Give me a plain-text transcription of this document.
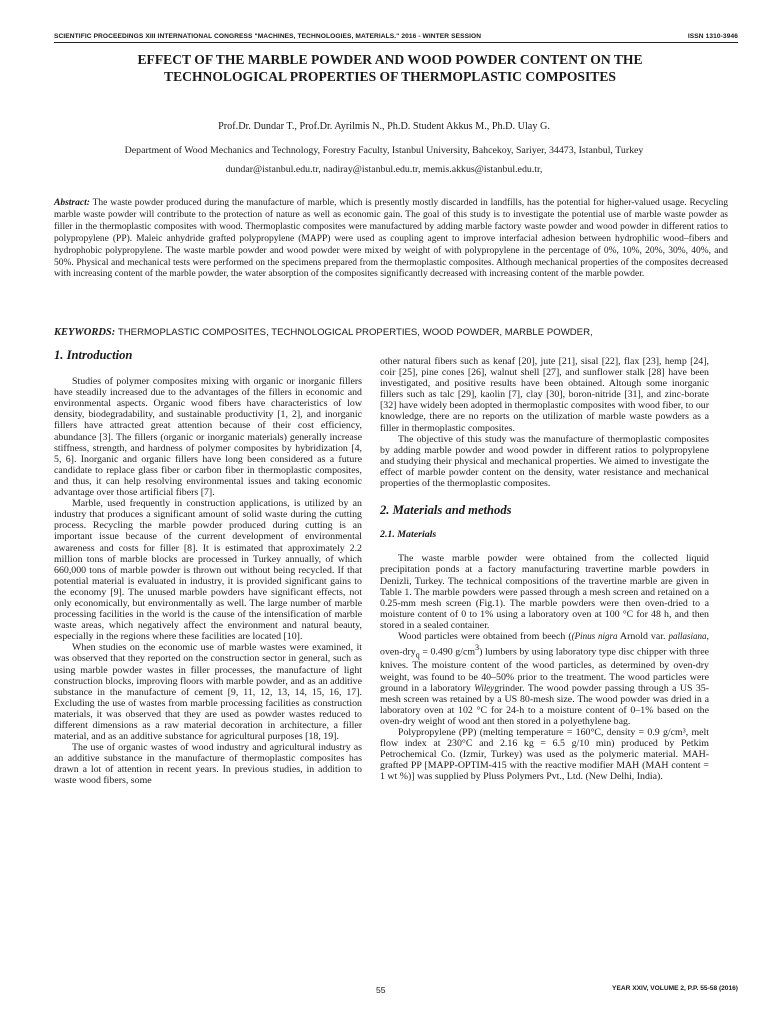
SCIENTIFIC PROCEEDINGS XIII INTERNATIONAL CONGRESS "MACHINES, TECHNOLOGIES, MATERIALS." 2016 - WINTER SESSION	ISSN 1310-3946
EFFECT OF THE MARBLE POWDER AND WOOD POWDER CONTENT ON THE
TECHNOLOGICAL PROPERTIES OF THERMOPLASTIC COMPOSITES
Prof.Dr. Dundar T., Prof.Dr. Ayrilmis N., Ph.D. Student Akkus M., Ph.D. Ulay G.
Department of Wood Mechanics and Technology, Forestry Faculty, Istanbul University, Bahcekoy, Sariyer, 34473, Istanbul, Turkey
dundar@istanbul.edu.tr, nadiray@istanbul.edu.tr, memis.akkus@istanbul.edu.tr,
Abstract: The waste powder produced during the manufacture of marble, which is presently mostly discarded in landfills, has the potential for higher-valued usage. Recycling marble waste powder will contribute to the protection of nature as well as economic gain. The goal of this study is to investigate the potential use of marble waste powder as filler in the thermoplastic composites with wood. Thermoplastic composites were manufactured by adding marble factory waste powder and wood powder in different ratios to polypropylene (PP). Maleic anhydride grafted polypropylene (MAPP) were used as coupling agent to improve interfacial adhesion between hydrophilic wood–fibers and hydrophobic polypropylene. The waste marble powder and wood powder were mixed by weight of with polypropylene in the percentage of 0%, 10%, 20%, 30%, 40%, and 50%. Physical and mechanical tests were performed on the specimens prepared from the thermoplastic composites. Although mechanical properties of the composites decreased with increasing content of the marble powder, the water absorption of the composites significantly decreased with increasing content of the marble powder.
KEYWORDS: THERMOPLASTIC COMPOSITES, TECHNOLOGICAL PROPERTIES, WOOD POWDER, MARBLE POWDER,
1. Introduction

Studies of polymer composites mixing with organic or inorganic fillers have steadily increased due to the advantages of the fillers in economic and environmental aspects. Organic wood fibers have characteristics of low density, biodegradability, and sustainable productivity [1, 2], and inorganic fillers have attracted great attention because of their cost efficiency, abundance [3]. The fillers (organic or inorganic materials) generally increase stiffness, strength, and hardness of polymer composites by hybridization [4, 5, 6]. Inorganic and organic fillers have long been considered as a future candidate to replace glass fiber or carbon fiber in thermoplastic composites, and thus, it can help resolving environmental issues and taking economic advantage over those artificial fibers [7].

Marble, used frequently in construction applications, is utilized by an industry that produces a significant amount of solid waste during the cutting process. Recycling the marble powder produced during cutting is an important issue because of the current development of environmental awareness and costs for filler [8]. It is estimated that approximately 2.2 million tons of marble blocks are processed in Turkey annually, of which 660,000 tons of marble powder is thrown out without being recycled. If that potential material is evaluated in industry, it is provided significant gains to the economy [9]. The unused marble powders have significant effects, not only economically, but environmentally as well. The large number of marble processing facilities in the world is the cause of the intensification of marble waste areas, which negatively affect the environment and natural beauty, especially in the regions where these facilities are located [10].

When studies on the economic use of marble wastes were examined, it was observed that they reported on the construction sector in general, such as using marble powder wastes in filler processes, the manufacture of light construction blocks, improving floors with marble powder, and as an additive substance in the manufacture of cement [9, 11, 12, 13, 14, 15, 16, 17]. Excluding the use of wastes from marble processing facilities as construction materials, it was observed that they are used as powder wastes reduced to different dimensions as a raw material decoration in architecture, a filler material, and as an additive substance for agricultural purposes [18, 19].

The use of organic wastes of wood industry and agricultural industry as an additive substance in the manufacture of thermoplastic composites has drawn a lot of attention in recent years. In previous studies, in addition to waste wood fibers, some

other natural fibers such as kenaf [20], jute [21], sisal [22], flax [23], hemp [24], coir [25], pine cones [26], walnut shell [27], and sunflower stalk [28] have been investigated, and positive results have been obtained. Altough some inorganic fillers such as talc [29], kaolin [7], clay [30], boron-nitride [31], and zinc-borate [32] have widely been adopted in thermoplastic composites with wood fiber, to our knowledge, there are no reports on the utilization of marble waste powders as a filler in thermoplastic composites.

The objective of this study was the manufacture of thermoplastic composites by adding marble powder and wood powder in different ratios to polypropylene and studying their physical and mechanical properties. We aimed to investigate the effect of marble powder content on the density, water resistance and mechanical properties of the thermoplastic composites.

2. Materials and methods
2.1. Materials

The waste marble powder were obtained from the collected liquid precipitation ponds at a factory manufacturing travertine marble powders in Denizli, Turkey. The technical compositions of the travertine marble are given in Table 1. The marble powders were passed through a mesh screen and retained on a 0.25-mm mesh screen (Fig.1). The marble powders were then oven-dried to a moisture content of 0 to 1% using a laboratory oven at 100 °C for 48 h, and then stored in a sealed container.

Wood particles were obtained from beech ((Pinus nigra Arnold var. pallasiana, oven-dry$_q$ = 0.490 $g/cm^3$) lumbers by using laboratory type disc chipper with three knives. The moisture content of the wood particles, as determined by oven-dry weight, was found to be 40–50% prior to the treatment. The wood particles were ground in a laboratory Wileygrinder. The wood powder passing through a US 35-mesh screen was retained by a US 80-mesh size. The wood powder was dried in a laboratory oven at 102 °C for 24-h to a moisture content of 0–1% based on the oven-dry weight of wood ant then stored in a polyethylene bag.

Polypropylene (PP) (melting temperature = 160°C, density = 0.9 g/cm³, melt flow index at 230°C and 2.16 kg = 6.5 g/10 min) produced by Petkim Petrochemical Co. (Izmir, Turkey) was used as the polymeric material. MAH-grafted PP [MAPP-OPTIM-415 with the reactive modifier MAH (MAH content = 1 wt %)] was supplied by Pluss Polymers Pvt., Ltd. (New Delhi, India).

55	YEAR XXIV, VOLUME 2, P.P. 55-58 (2016)
